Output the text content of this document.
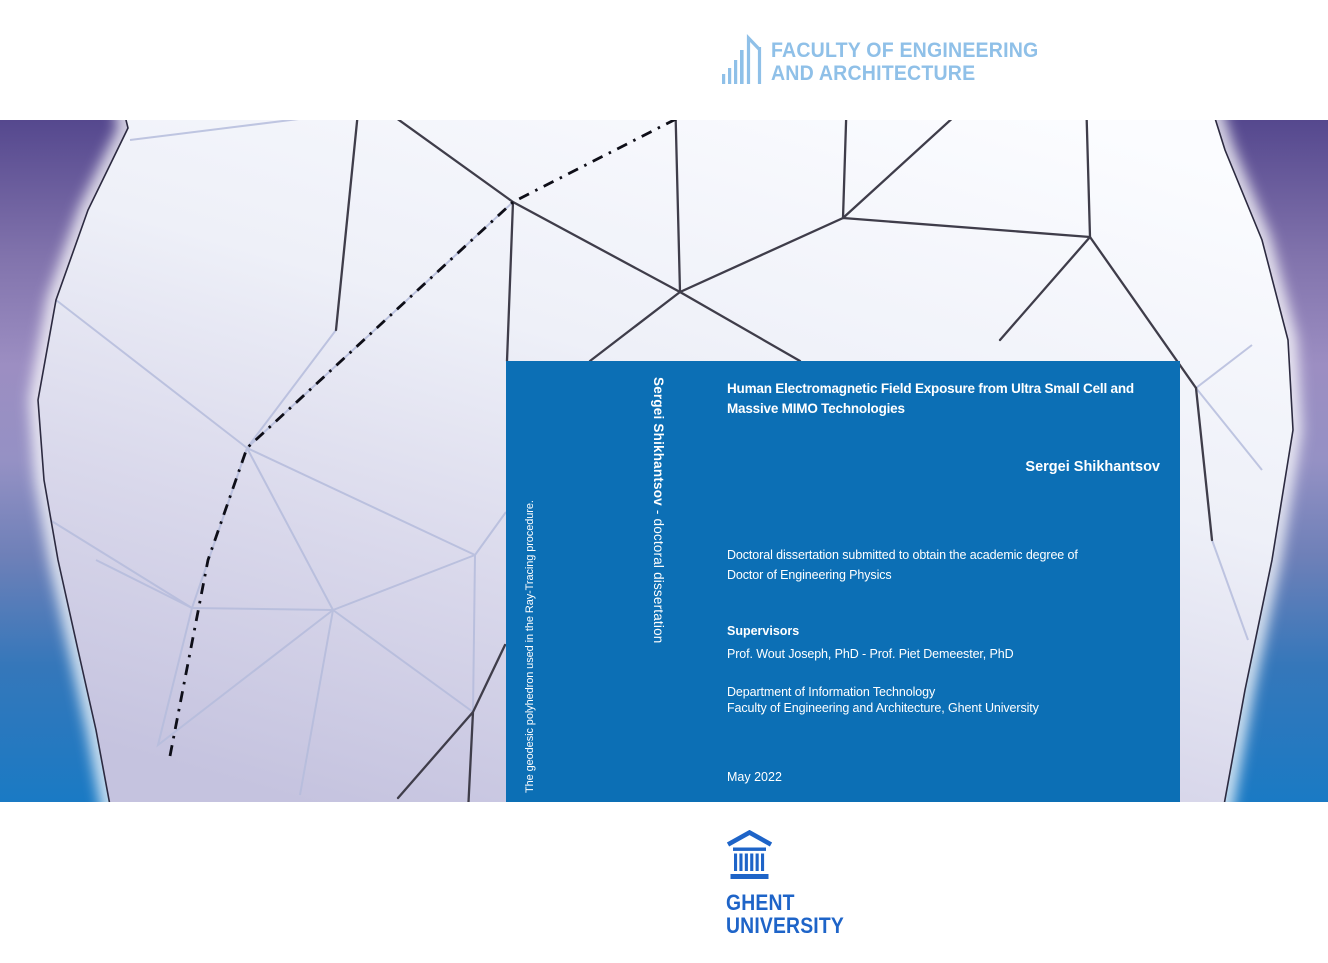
FACULTY OF ENGINEERING
AND ARCHITECTURE
Human Electromagnetic Field Exposure from Ultra Small Cell and
Massive MIMO Technologies
Sergei Shikhantsov
Doctoral dissertation submitted to obtain the academic degree of
Doctor of Engineering Physics
Supervisors
Prof. Wout Joseph, PhD - Prof. Piet Demeester, PhD
Department of Information Technology
Faculty of Engineering and Architecture, Ghent University
May 2022
Sergei Shikhantsov - doctoral dissertation
The geodesic polyhedron used in the Ray-Tracing procedure.
GHENT
UNIVERSITY
